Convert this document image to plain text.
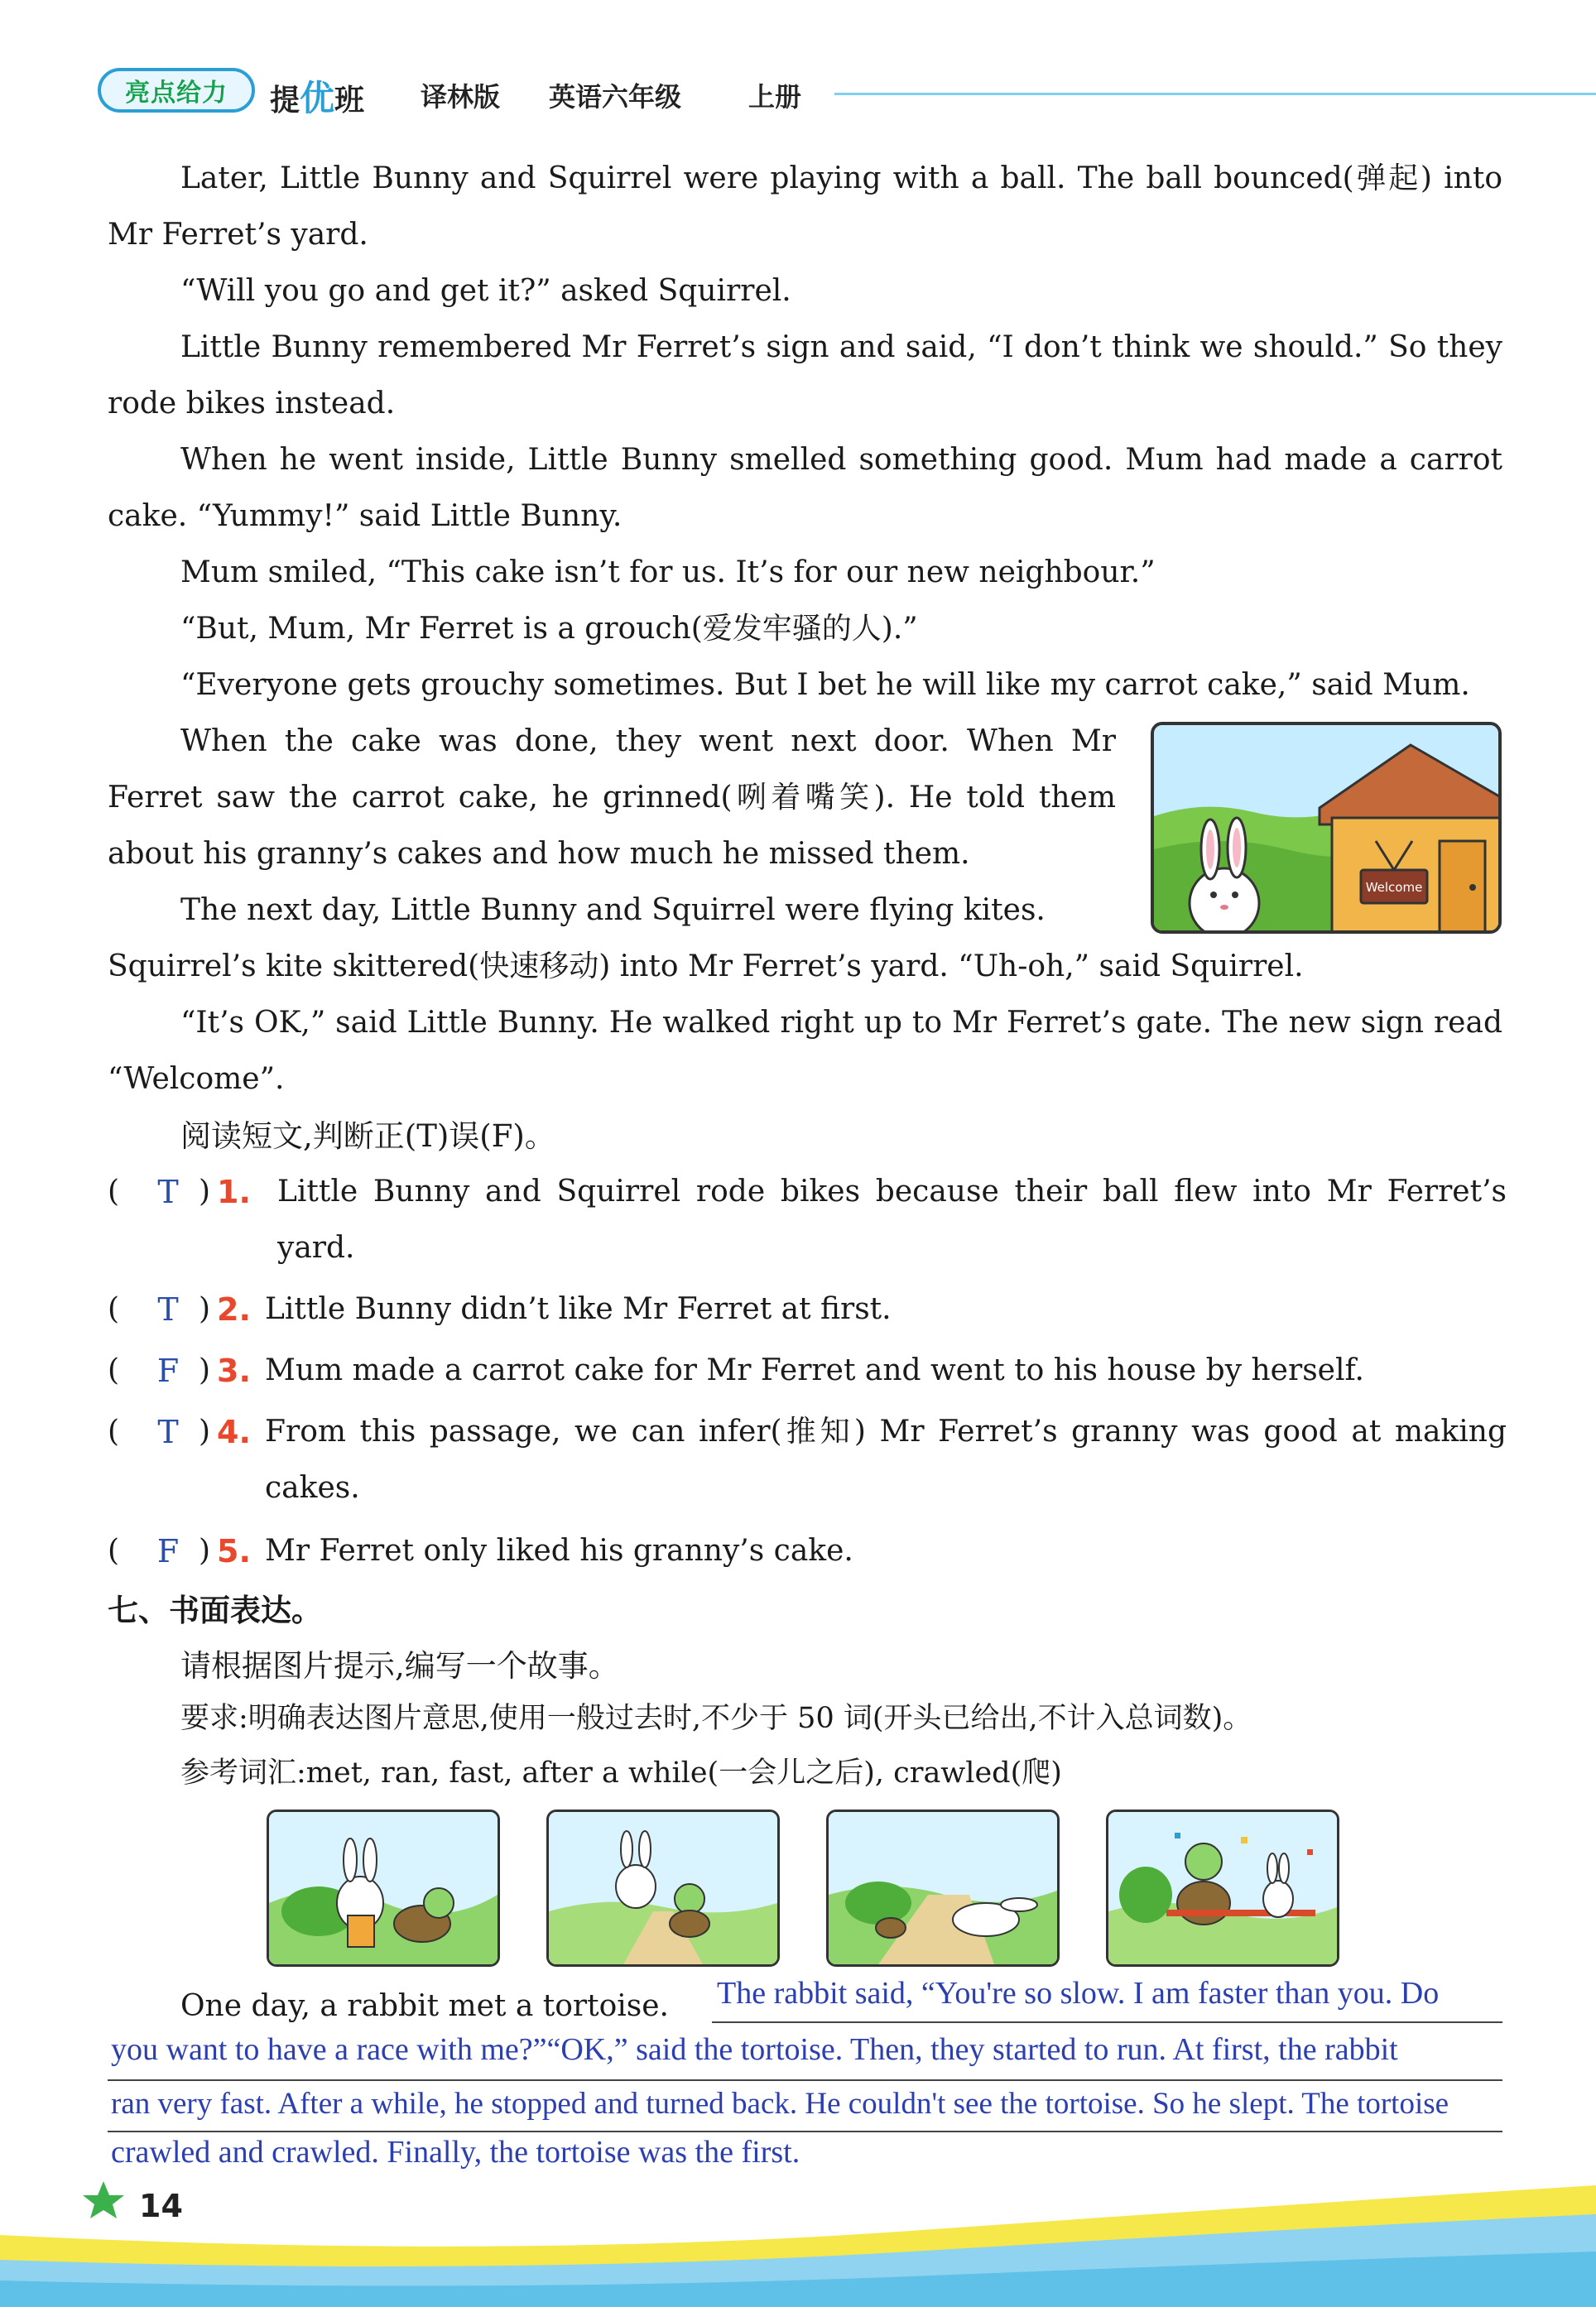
亮点给力	提优班 译林版 英语六年级	上册
Later, Little Bunny and Squirrel were playing with a ball. The ball bounced(弹起) into Mr Ferret’s yard.
“Will you go and get it?” asked Squirrel.
Little Bunny remembered Mr Ferret’s sign and said, “I don’t think we should.” So they rode bikes instead.
When he went inside, Little Bunny smelled something good. Mum had made a carrot cake. “Yummy!” said Little Bunny.
Mum smiled, “This cake isn’t for us. It’s for our new neighbour.”
“But, Mum, Mr Ferret is a grouch(爱发牢骚的人).”
“Everyone gets grouchy sometimes. But I bet he will like my carrot cake,” said Mum.
When the cake was done, they went next door. When Mr Ferret saw the carrot cake, he grinned(咧着嘴笑). He told them about his granny’s cakes and how much he missed them.
The next day, Little Bunny and Squirrel were flying kites.
Squirrel’s kite skittered(快速移动) into Mr Ferret’s yard. “Uh-oh,” said Squirrel.
“It’s OK,” said Little Bunny. He walked right up to Mr Ferret’s gate. The new sign read “Welcome”.
Welcome
阅读短文,判断正(T)误(F)。
(	T ) 1. Little Bunny and Squirrel rode bikes because their ball flew into Mr Ferret’s yard.
(	T ) 2. Little Bunny didn’t like Mr Ferret at first.
(	F ) 3. Mum made a carrot cake for Mr Ferret and went to his house by herself.
(	T ) 4. From this passage, we can infer(推知) Mr Ferret’s granny was good at making cakes.
(	F ) 5. Mr Ferret only liked his granny’s cake.
七、书面表达。
请根据图片提示,编写一个故事。
要求:明确表达图片意思,使用一般过去时,不少于 50 词(开头已给出,不计入总词数)。
参考词汇:met, ran, fast, after a while(一会儿之后), crawled(爬)
One day, a rabbit met a tortoise.	The rabbit said, “You're so slow. I am faster than you. Do
you want to have a race with me?”“OK,” said the tortoise. Then, they started to run. At first, the rabbit
ran very fast. After a while, he stopped and turned back. He couldn't see the tortoise. So he slept. The tortoise
crawled and crawled. Finally, the tortoise was the first.
14
